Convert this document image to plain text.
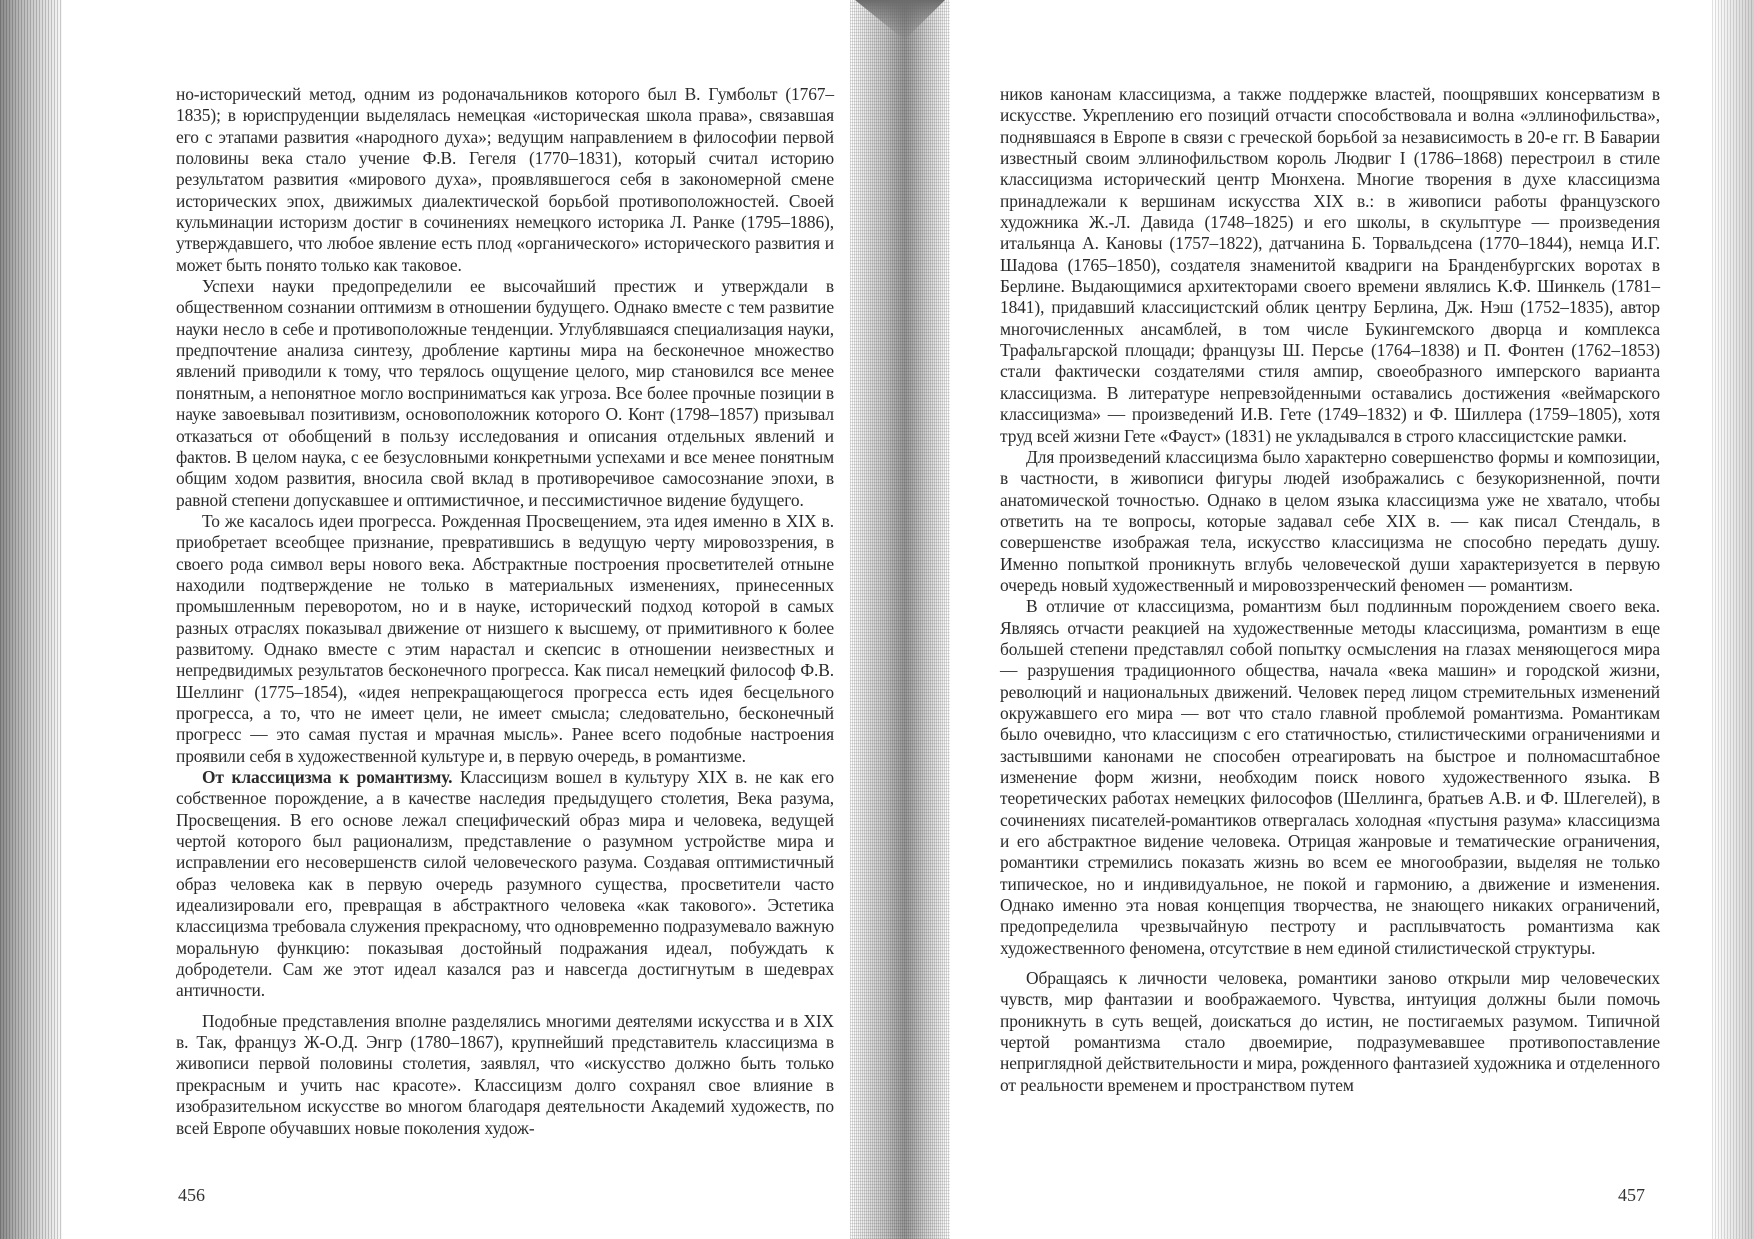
но-исторический метод, одним из родоначальников которого был В. Гумбольт (1767–1835); в юриспруденции выделялась немецкая «историческая школа права», связавшая его с этапами развития «народного духа»; ведущим направлением в философии первой половины века стало учение Ф.В. Гегеля (1770–1831), который считал историю результатом развития «мирового духа», проявлявшегося себя в закономерной смене исторических эпох, движимых диалектической борьбой противоположностей. Своей кульминации историзм достиг в сочинениях немецкого историка Л. Ранке (1795–1886), утверждавшего, что любое явление есть плод «органического» исторического развития и может быть понято только как таковое.

Успехи науки предопределили ее высочайший престиж и утверждали в общественном сознании оптимизм в отношении будущего. Однако вместе с тем развитие науки несло в себе и противоположные тенденции. Углублявшаяся специализация науки, предпочтение анализа синтезу, дробление картины мира на бесконечное множество явлений приводили к тому, что терялось ощущение целого, мир становился все менее понятным, а непонятное могло восприниматься как угроза. Все более прочные позиции в науке завоевывал позитивизм, основоположник которого О. Конт (1798–1857) призывал отказаться от обобщений в пользу исследования и описания отдельных явлений и фактов. В целом наука, с ее безусловными конкретными успехами и все менее понятным общим ходом развития, вносила свой вклад в противоречивое самосознание эпохи, в равной степени допускавшее и оптимистичное, и пессимистичное видение будущего.

То же касалось идеи прогресса. Рожденная Просвещением, эта идея именно в XIX в. приобретает всеобщее признание, превратившись в ведущую черту мировоззрения, в своего рода символ веры нового века. Абстрактные построения просветителей отныне находили подтверждение не только в материальных изменениях, принесенных промышленным переворотом, но и в науке, исторический подход которой в самых разных отраслях показывал движение от низшего к высшему, от примитивного к более развитому. Однако вместе с этим нарастал и скепсис в отношении неизвестных и непредвидимых результатов бесконечного прогресса. Как писал немецкий философ Ф.В. Шеллинг (1775–1854), «идея непрекращающегося прогресса есть идея бесцельного прогресса, а то, что не имеет цели, не имеет смысла; следовательно, бесконечный прогресс — это самая пустая и мрачная мысль». Ранее всего подобные настроения проявили себя в художественной культуре и, в первую очередь, в романтизме.

От классицизма к романтизму. Классицизм вошел в культуру XIX в. не как его собственное порождение, а в качестве наследия предыдущего столетия, Века разума, Просвещения. В его основе лежал специфический образ мира и человека, ведущей чертой которого был рационализм, представление о разумном устройстве мира и исправлении его несовершенств силой человеческого разума. Создавая оптимистичный образ человека как в первую очередь разумного существа, просветители часто идеализировали его, превращая в абстрактного человека «как такового». Эстетика классицизма требовала служения прекрасному, что одновременно подразумевало важную моральную функцию: показывая достойный подражания идеал, побуждать к добродетели. Сам же этот идеал казался раз и навсегда достигнутым в шедеврах античности.

Подобные представления вполне разделялись многими деятелями искусства и в XIX в. Так, француз Ж-О.Д. Энгр (1780–1867), крупнейший представитель классицизма в живописи первой половины столетия, заявлял, что «искусство должно быть только прекрасным и учить нас красоте». Классицизм долго сохранял свое влияние в изобразительном искусстве во многом благодаря деятельности Академий художеств, по всей Европе обучавших новые поколения худож-

ников канонам классицизма, а также поддержке властей, поощрявших консерватизм в искусстве. Укреплению его позиций отчасти способствовала и волна «эллинофильства», поднявшаяся в Европе в связи с греческой борьбой за независимость в 20-е гг. В Баварии известный своим эллинофильством король Людвиг I (1786–1868) перестроил в стиле классицизма исторический центр Мюнхена. Многие творения в духе классицизма принадлежали к вершинам искусства XIX в.: в живописи работы французского художника Ж.-Л. Давида (1748–1825) и его школы, в скульптуре — произведения итальянца А. Кановы (1757–1822), датчанина Б. Торвальдсена (1770–1844), немца И.Г. Шадова (1765–1850), создателя знаменитой квадриги на Бранденбургских воротах в Берлине. Выдающимися архитекторами своего времени являлись К.Ф. Шинкель (1781–1841), придавший классицистский облик центру Берлина, Дж. Нэш (1752–1835), автор многочисленных ансамблей, в том числе Букингемского дворца и комплекса Трафальгарской площади; французы Ш. Персье (1764–1838) и П. Фонтен (1762–1853) стали фактически создателями стиля ампир, своеобразного имперского варианта классицизма. В литературе непревзойденными оставались достижения «веймарского классицизма» — произведений И.В. Гете (1749–1832) и Ф. Шиллера (1759–1805), хотя труд всей жизни Гете «Фауст» (1831) не укладывался в строго классицистские рамки.

Для произведений классицизма было характерно совершенство формы и композиции, в частности, в живописи фигуры людей изображались с безукоризненной, почти анатомической точностью. Однако в целом языка классицизма уже не хватало, чтобы ответить на те вопросы, которые задавал себе XIX в. — как писал Стендаль, в совершенстве изображая тела, искусство классицизма не способно передать душу. Именно попыткой проникнуть вглубь человеческой души характеризуется в первую очередь новый художественный и мировоззренческий феномен — романтизм.

В отличие от классицизма, романтизм был подлинным порождением своего века. Являясь отчасти реакцией на художественные методы классицизма, романтизм в еще большей степени представлял собой попытку осмысления на глазах меняющегося мира — разрушения традиционного общества, начала «века машин» и городской жизни, революций и национальных движений. Человек перед лицом стремительных изменений окружавшего его мира — вот что стало главной проблемой романтизма. Романтикам было очевидно, что классицизм с его статичностью, стилистическими ограничениями и застывшими канонами не способен отреагировать на быстрое и полномасштабное изменение форм жизни, необходим поиск нового художественного языка. В теоретических работах немецких философов (Шеллинга, братьев А.В. и Ф. Шлегелей), в сочинениях писателей-романтиков отвергалась холодная «пустыня разума» классицизма и его абстрактное видение человека. Отрицая жанровые и тематические ограничения, романтики стремились показать жизнь во всем ее многообразии, выделяя не только типическое, но и индивидуальное, не покой и гармонию, а движение и изменения. Однако именно эта новая концепция творчества, не знающего никаких ограничений, предопределила чрезвычайную пестроту и расплывчатость романтизма как художественного феномена, отсутствие в нем единой стилистической структуры.

Обращаясь к личности человека, романтики заново открыли мир человеческих чувств, мир фантазии и воображаемого. Чувства, интуиция должны были помочь проникнуть в суть вещей, доискаться до истин, не постигаемых разумом. Типичной чертой романтизма стало двоемирие, подразумевавшее противопоставление неприглядной действительности и мира, рожденного фантазией художника и отделенного от реальности временем и пространством путем

456	457
